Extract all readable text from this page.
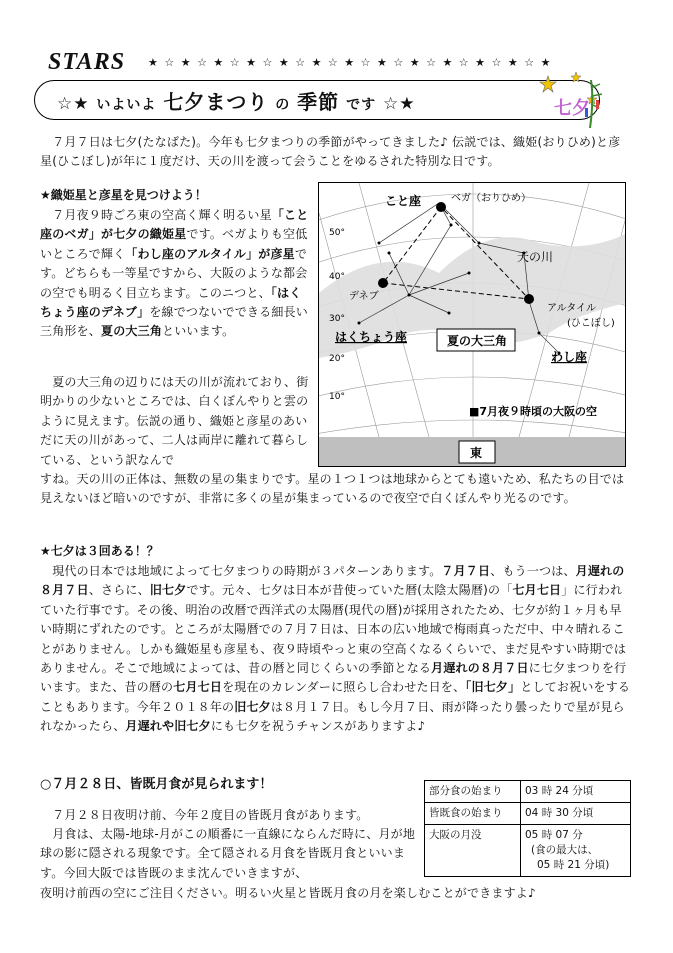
STARS ★ ☆ ★ ☆ ★ ☆ ★ ☆ ★ ☆ ★ ☆ ★ ☆ ★ ☆ ★ ☆ ★ ☆ ★ ☆ ★ ☆ ★
☆★ いよいよ 七夕まつり の 季節 です ☆★	七夕
　７月７日は七夕(たなばた)。今年も七夕まつりの季節がやってきました♪ 伝説では、織姫(おりひめ)と彦星(ひこぼし)が年に１度だけ、天の川を渡って会うことをゆるされた特別な日です。
★織姫星と彦星を見つけよう！
　７月夜９時ごろ東の空高く輝く明るい星「こと座のベガ」が七夕の織姫星です。ベガよりも空低いところで輝く「わし座のアルタイル」が彦星です。どちらも一等星ですから、大阪のような都会の空でも明るく目立ちます。このニつと、「はくちょう座のデネブ」を線でつないでできる細長い三角形を、夏の大三角といいます。
　夏の大三角の辺りには天の川が流れており、街明かりの少ないところでは、白くぼんやりと雲のように見えます。伝説の通り、織姫と彦星のあいだに天の川があって、二人は両岸に離れて暮らしている、という訳なんで
すね。天の川の正体は、無数の星の集まりです。星の１つ１つは地球からとても遠いため、私たちの目では見えないほど暗いのですが、非常に多くの星が集まっているので夜空で白くぼんやり光るのです。
こと座	ベガ（おりひめ）
天の川
デネブ
アルタイル
(ひこぼし)
はくちょう座	夏の大三角
わし座
■7月夜９時頃の大阪の空
東
50°
40°
30°
20°
10°
★七夕は３回ある！？
　現代の日本では地域によって七夕まつりの時期が３パターンあります。７月７日、もう一つは、月遅れの８月７日、さらに、旧七夕です。元々、七夕は日本が昔使っていた暦(太陰太陽暦)の「七月七日」に行われていた行事です。その後、明治の改暦で西洋式の太陽暦(現代の暦)が採用されたため、七夕が約１ヶ月も早い時期にずれたのです。ところが太陽暦での７月７日は、日本の広い地域で梅雨真っただ中、中々晴れることがありません。しかも織姫星も彦星も、夜９時頃やっと東の空高くなるくらいで、まだ見やすい時期ではありません。そこで地域によっては、昔の暦と同じくらいの季節となる月遅れの８月７日に七夕まつりを行います。また、昔の暦の七月七日を現在のカレンダーに照らし合わせた日を、「旧七夕」としてお祝いをすることもあります。今年２０１８年の旧七夕は８月１７日。もし今月７日、雨が降ったり曇ったりで星が見られなかったら、月遅れや旧七夕にも七夕を祝うチャンスがありますよ♪
○７月２８日、皆既月食が見られます！
　７月２８日夜明け前、今年２度目の皆既月食があります。
　月食は、太陽-地球-月がこの順番に一直線にならんだ時に、月が地球の影に隠される現象です。全て隠される月食を皆既月食といいます。今回大阪では皆既のまま沈んでいきますが、
夜明け前西の空にご注目ください。明るい火星と皆既月食の月を楽しむことができますよ♪
部分食の始まり	03 時 24 分頃
皆既食の始まり	04 時 30 分頃
大阪の月没	05 時 07 分
(食の最大は、
05 時 21 分頃)
